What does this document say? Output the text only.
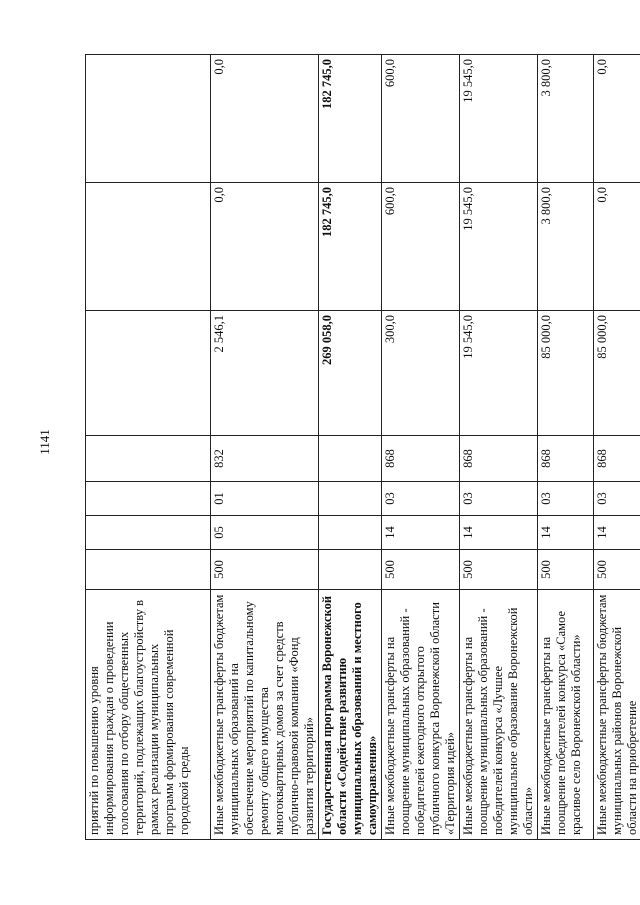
1141
приятий по повышению уровня информирования граждан о проведении голосования по отбору общественных территорий, подлежащих благоустройству в рамках реализации муниципальных программ формирования современной городской среды							
Иные межбюджетные трансферты бюджетам муниципальных образований на обеспечение мероприятий по капитальному ремонту общего имущества многоквартирных домов за счет средств публично-правовой компании «Фонд развития территорий»	500	05	01	832	2 546,1	0,0	0,0
Государственная программа Воронежской области «Содействие развитию муниципальных образований и местного самоуправления»					269 058,0	182 745,0	182 745,0
Иные межбюджетные трансферты на поощрение муниципальных образований - победителей ежегодного открытого публичного конкурса Воронежской области «Территория идей»	500	14	03	868	300,0	600,0	600,0
Иные межбюджетные трансферты на поощрение муниципальных образований - победителей конкурса «Лучшее муниципальное образование Воронежской области»	500	14	03	868	19 545,0	19 545,0	19 545,0
Иные межбюджетные трансферты на поощрение победителей конкурса «Самое красивое село Воронежской области»	500	14	03	868	85 000,0	3 800,0	3 800,0
Иные межбюджетные трансферты бюджетам муниципальных районов Воронежской области на приобретение	500	14	03	868	85 000,0	0,0	0,0
